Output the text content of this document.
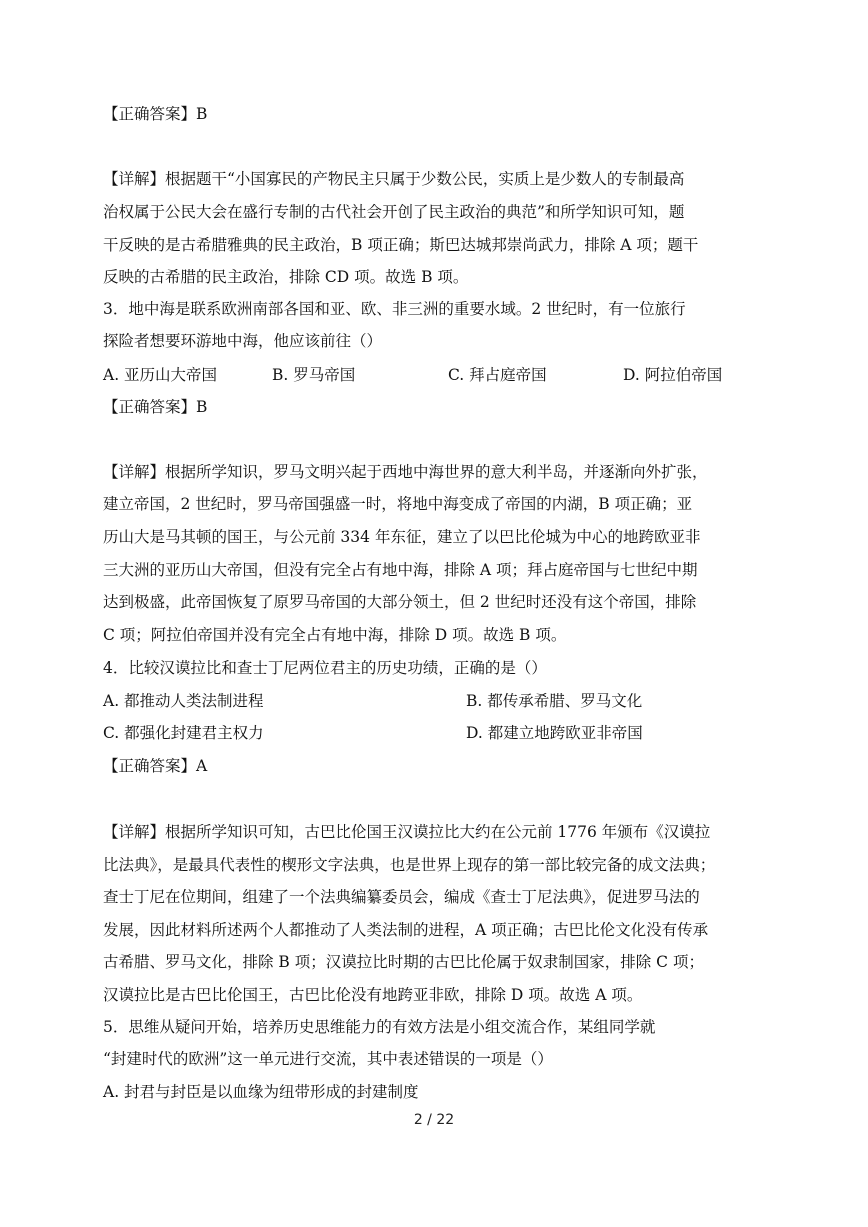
【正确答案】B
【详解】根据题干“小国寡民的产物民主只属于少数公民，实质上是少数人的专制最高
治权属于公民大会在盛行专制的古代社会开创了民主政治的典范”和所学知识可知，题
干反映的是古希腊雅典的民主政治，B 项正确；斯巴达城邦崇尚武力，排除 A 项；题干
反映的古希腊的民主政治，排除 CD 项。故选 B 项。
3．地中海是联系欧洲南部各国和亚、欧、非三洲的重要水域。2 世纪时，有一位旅行
探险者想要环游地中海，他应该前往（）
A. 亚历山大帝国	B. 罗马帝国	C. 拜占庭帝国	D. 阿拉伯帝国
【正确答案】B
【详解】根据所学知识，罗马文明兴起于西地中海世界的意大利半岛，并逐渐向外扩张，
建立帝国，2 世纪时，罗马帝国强盛一时，将地中海变成了帝国的内湖，B 项正确；亚
历山大是马其顿的国王，与公元前 334 年东征，建立了以巴比伦城为中心的地跨欧亚非
三大洲的亚历山大帝国，但没有完全占有地中海，排除 A 项；拜占庭帝国与七世纪中期
达到极盛，此帝国恢复了原罗马帝国的大部分领土，但 2 世纪时还没有这个帝国，排除
C 项；阿拉伯帝国并没有完全占有地中海，排除 D 项。故选 B 项。
4．比较汉谟拉比和查士丁尼两位君主的历史功绩，正确的是（）
A. 都推动人类法制进程	B. 都传承希腊、罗马文化
C. 都强化封建君主权力	D. 都建立地跨欧亚非帝国
【正确答案】A
【详解】根据所学知识可知，古巴比伦国王汉谟拉比大约在公元前 1776 年颁布《汉谟拉
比法典》，是最具代表性的楔形文字法典，也是世界上现存的第一部比较完备的成文法典；
查士丁尼在位期间，组建了一个法典编纂委员会，编成《查士丁尼法典》，促进罗马法的
发展，因此材料所述两个人都推动了人类法制的进程，A 项正确；古巴比伦文化没有传承
古希腊、罗马文化，排除 B 项；汉谟拉比时期的古巴比伦属于奴隶制国家，排除 C 项；
汉谟拉比是古巴比伦国王，古巴比伦没有地跨亚非欧，排除 D 项。故选 A 项。
5．思维从疑问开始，培养历史思维能力的有效方法是小组交流合作，某组同学就
“封建时代的欧洲”这一单元进行交流，其中表述错误的一项是（）
A. 封君与封臣是以血缘为纽带形成的封建制度
2 / 22
